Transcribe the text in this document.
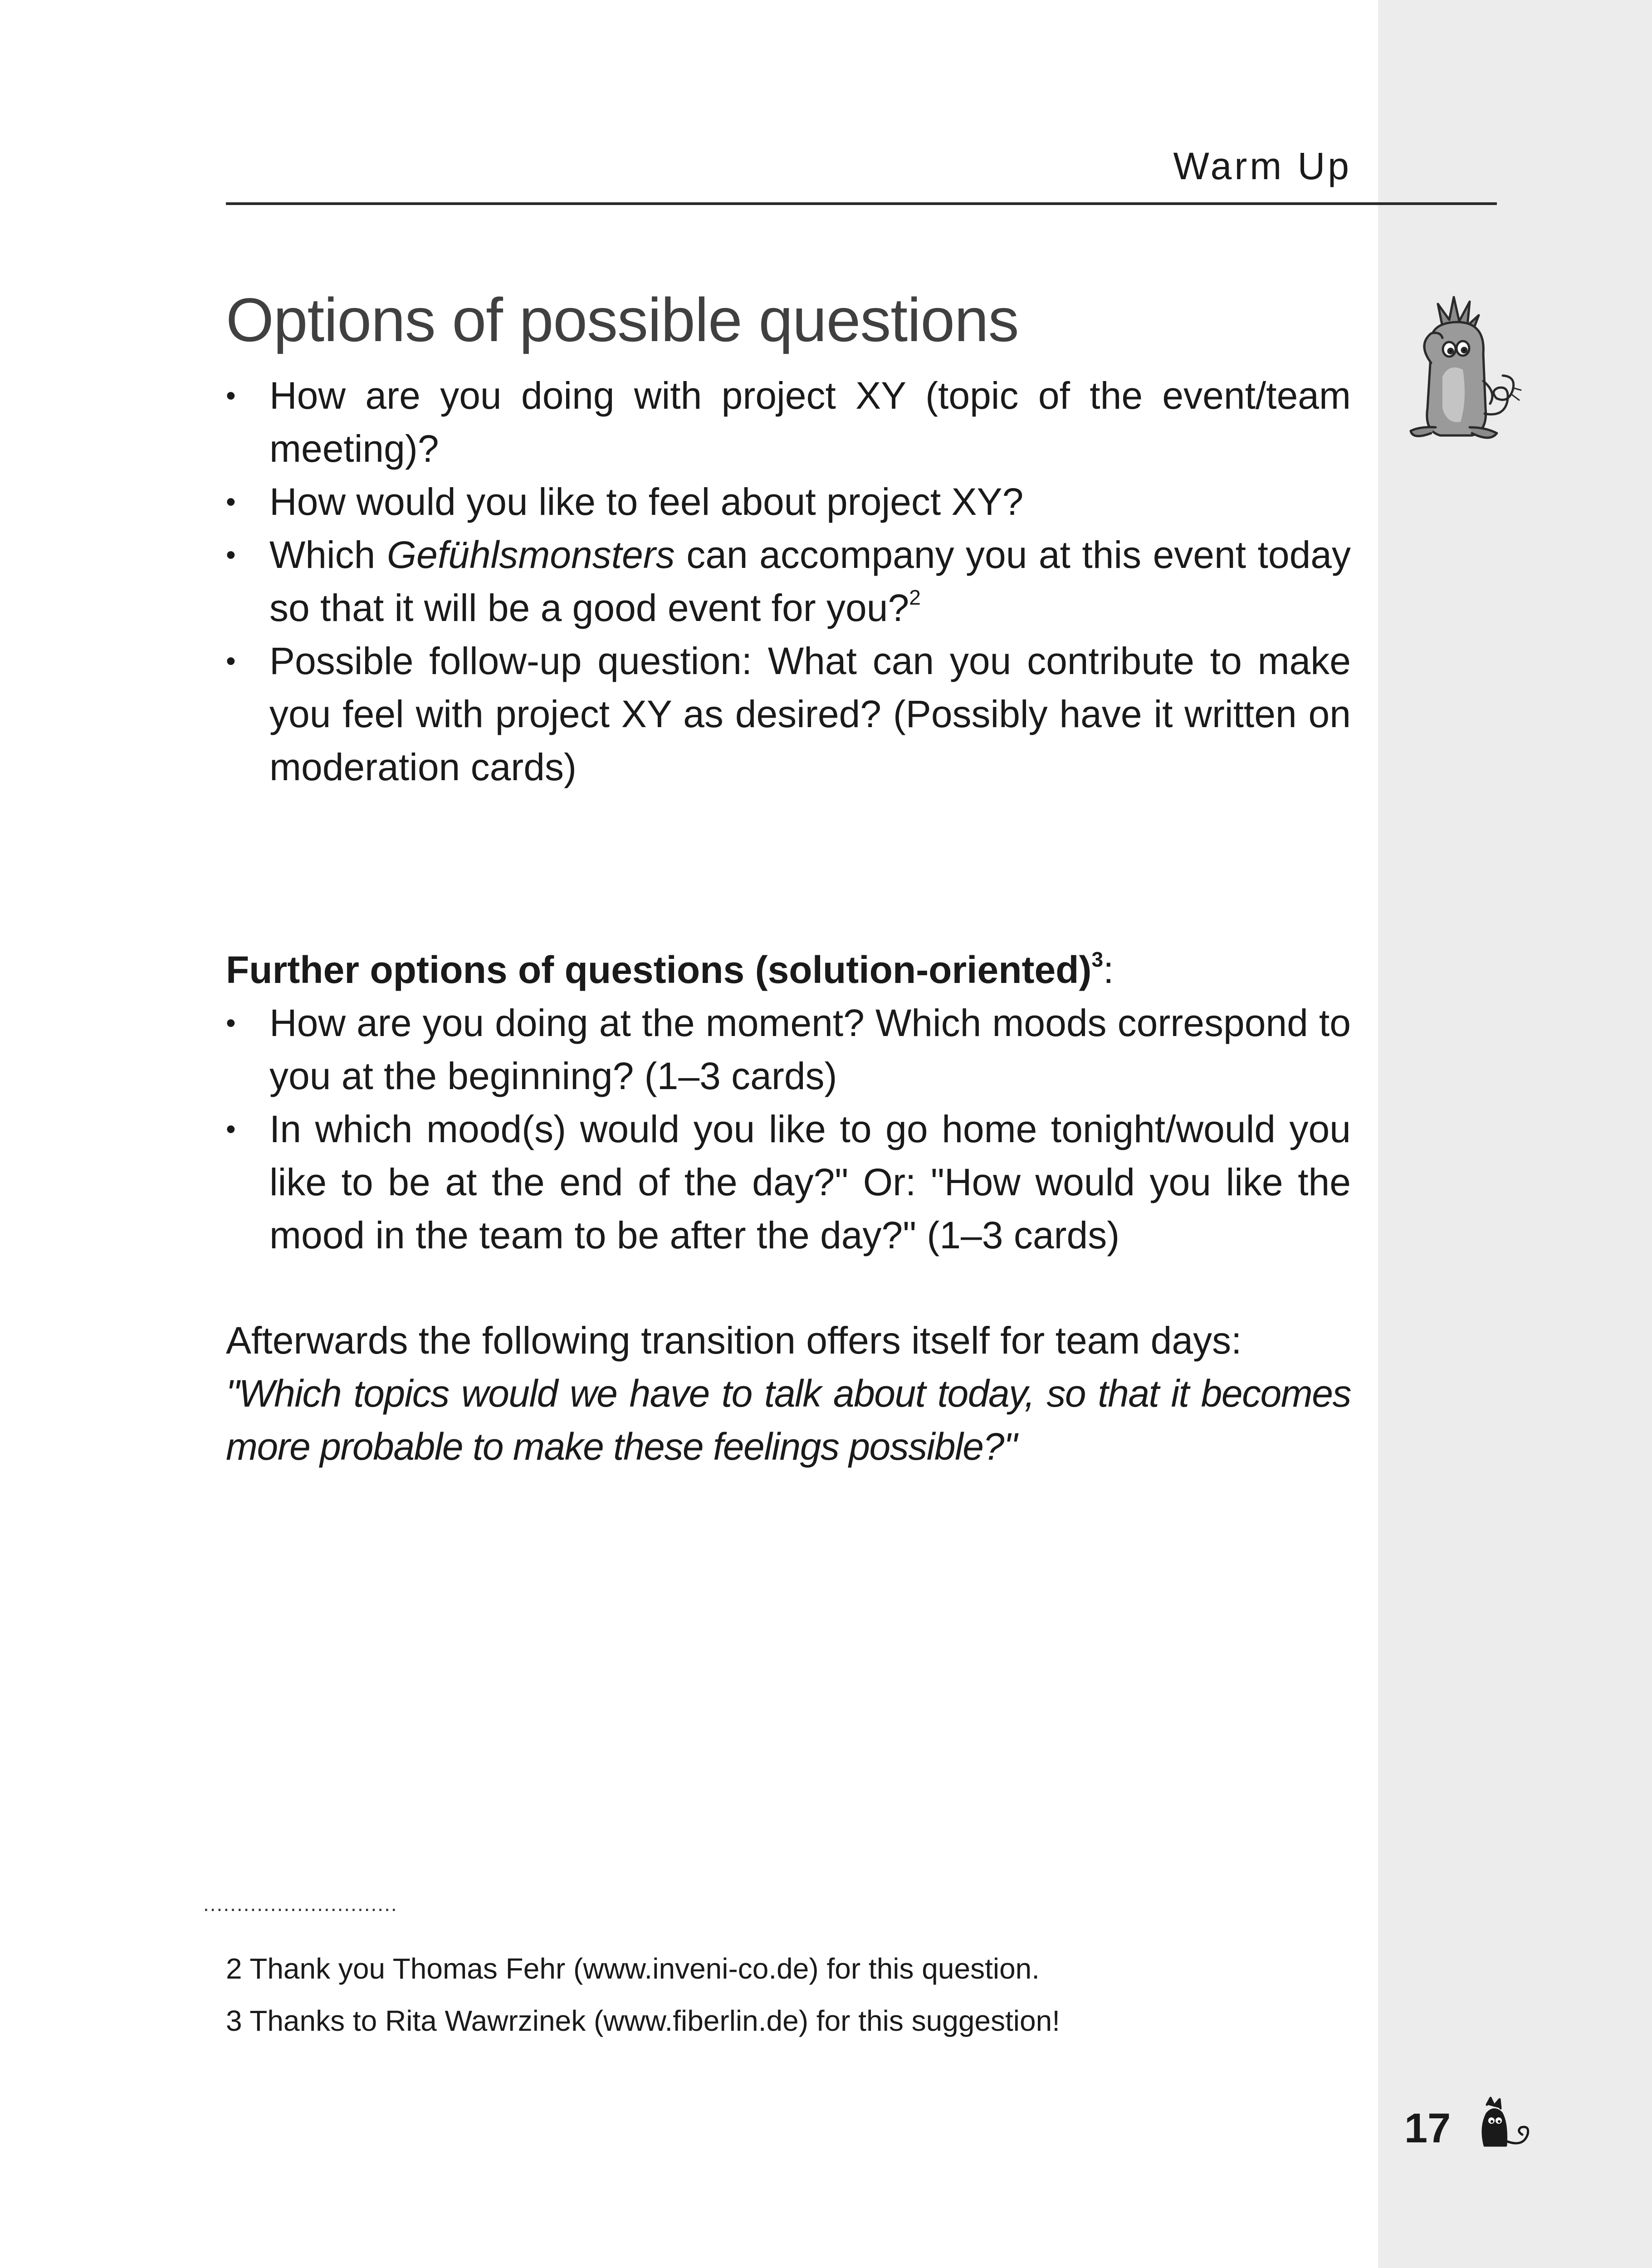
Warm Up
Options of possible questions
• How are you doing with project XY (topic of the event/team meeting)?
• How would you like to feel about project XY?
• Which Gefühlsmonsters can accompany you at this event today so that it will be a good event for you?$^2$
• Possible follow-up question: What can you contribute to make you feel with project XY as desired? (Possibly have it written on moderation cards)
Further options of questions (solution-oriented)$^3$:
• How are you doing at the moment? Which moods correspond to you at the beginning? (1–3 cards)
• In which mood(s) would you like to go home tonight/would you like to be at the end of the day?" Or: "How would you like the mood in the team to be after the day?" (1–3 cards)

Afterwards the following transition offers itself for team days:
"Which topics would we have to talk about today, so that it becomes more probable to make these feelings possible?"

.............................
2 Thank you Thomas Fehr (www.inveni-co.de) for this question.
3 Thanks to Rita Wawrzinek (www.fiberlin.de) for this suggestion!
17
